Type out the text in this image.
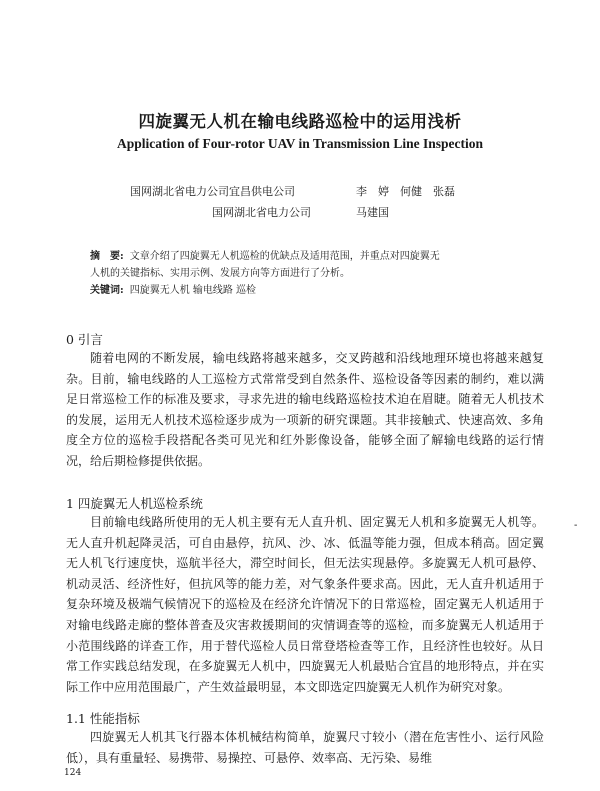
四旋翼无人机在输电线路巡检中的运用浅析
Application of Four-rotor UAV in Transmission Line Inspection
国网湖北省电力公司宜昌供电公司	李　婷　何健　张磊
国网湖北省电力公司	马建国
摘　要: 文章介绍了四旋翼无人机巡检的优缺点及适用范围，并重点对四旋翼无
人机的关键指标、实用示例、发展方向等方面进行了分析。
关键词: 四旋翼无人机 输电线路 巡检
0 引言

随着电网的不断发展，输电线路将越来越多，交叉跨越和沿线地理环境也将越来越复杂。目前，输电线路的人工巡检方式常常受到自然条件、巡检设备等因素的制约，难以满足日常巡检工作的标准及要求，寻求先进的输电线路巡检技术迫在眉睫。随着无人机技术的发展，运用无人机技术巡检逐步成为一项新的研究课题。其非接触式、快速高效、多角度全方位的巡检手段搭配各类可见光和红外影像设备，能够全面了解输电线路的运行情况，给后期检修提供依据。

1 四旋翼无人机巡检系统

目前输电线路所使用的无人机主要有无人直升机、固定翼无人机和多旋翼无人机等。无人直升机起降灵活，可自由悬停，抗风、沙、冰、低温等能力强，但成本稍高。固定翼无人机飞行速度快，巡航半径大，滞空时间长，但无法实现悬停。多旋翼无人机可悬停、机动灵活、经济性好，但抗风等的能力差，对气象条件要求高。因此，无人直升机适用于复杂环境及极端气候情况下的巡检及在经济允许情况下的日常巡检，固定翼无人机适用于对输电线路走廊的整体普查及灾害救援期间的灾情调查等的巡检，而多旋翼无人机适用于小范围线路的详查工作，用于替代巡检人员日常登塔检查等工作，且经济性也较好。从日常工作实践总结发现，在多旋翼无人机中，四旋翼无人机最贴合宜昌的地形特点，并在实际工作中应用范围最广，产生效益最明显，本文即选定四旋翼无人机作为研究对象。

1.1 性能指标

四旋翼无人机其飞行器本体机械结构简单，旋翼尺寸较小（潜在危害性小、运行风险低），具有重量轻、易携带、易操控、可悬停、效率高、无污染、易维

-
124
